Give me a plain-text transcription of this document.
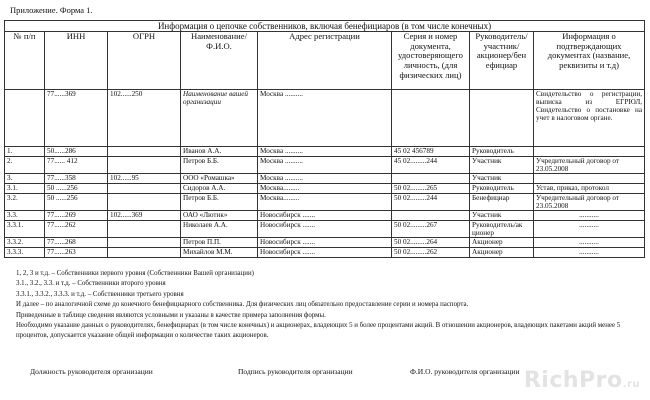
Приложение. Форма 1.
Информация о цепочке собственников, включая бенефициаров (в том числе конечных)							
№ п/п	ИНН	ОГРН	Наименование/ Ф.И.О.	Адрес регистрации	Серия и номер документа, удостоверяющего личность, (для физических лиц)	Руководитель/ участник/ акционер/бен ефициар	Информация о подтверждающих документах (название, реквизиты и т.д)
	77......369	102......250	Наименование вашей организации	Москва ..........			Свидетельство о регистрации, выписка из ЕГРЮЛ, Свидетельство о постановке на учет в налоговом органе.
1.	50......286		Иванов А.А.	Москва ..........	45 02 456789	Руководитель	
2.	77...... 412		Петров Б.Б.	Москва ..........	45 02.........244	Участник	Учредительный договор от 23.05.2008
3.	77......358	102......95	ООО «Ромашка»	Москва ..........		Участник	
3.1.	50 ......256		Сидоров А.А.	Москва.........	50 02.........265	Руководитель	Устав, приказ, протокол
3.2.	50 ......256		Петров Б.Б.	Москва.........	50 02.........244	Бенефициар	Учредительный договор от 23.05.2008
3.3.	77......269	102......369	ОАО «Лютик»	Новосибирск .......		Участник	...........
3.3.1.	77......262		Николаев А.А.	Новосибирск .......	50 02.........267	Руководитель/ак ционер	...........
3.3.2.	77......268		Петров П.П.	Новосибирск .......	50 02.........264	Акционер	...........
3.3.3.	77......263		Михайлов М.М.	Новосибирск .......	50 02.........262	Акционер	...........

1, 2, 3 и т.д. – Собственники первого уровня (Собственники Вашей организации)

3.1., 3.2., 3.3. и т.д. – Собственники второго уровня

3.3.1., 3.3.2., 3.3.3. и т.д. – Собственники третьего уровня

И далее – по аналогичной схеме до конечного бенефициарного собственника. Для физических лиц обязательно предоставление серии и номера паспорта.

Приведенные в таблице сведения являются условными и указаны в качестве примера заполнения формы.

Необходимо указание данных о руководителях, бенефициарах (в том числе конечных) и акционерах, владеющих 5 и более процентами акций. В отношении акционеров, владеющих пакетами акций менее 5 процентов, допускается указание общей информации о количестве таких акционеров.

Должность руководителя организации	Подпись руководителя организации	Ф.И.О. руководителя организации RichPro.ru
